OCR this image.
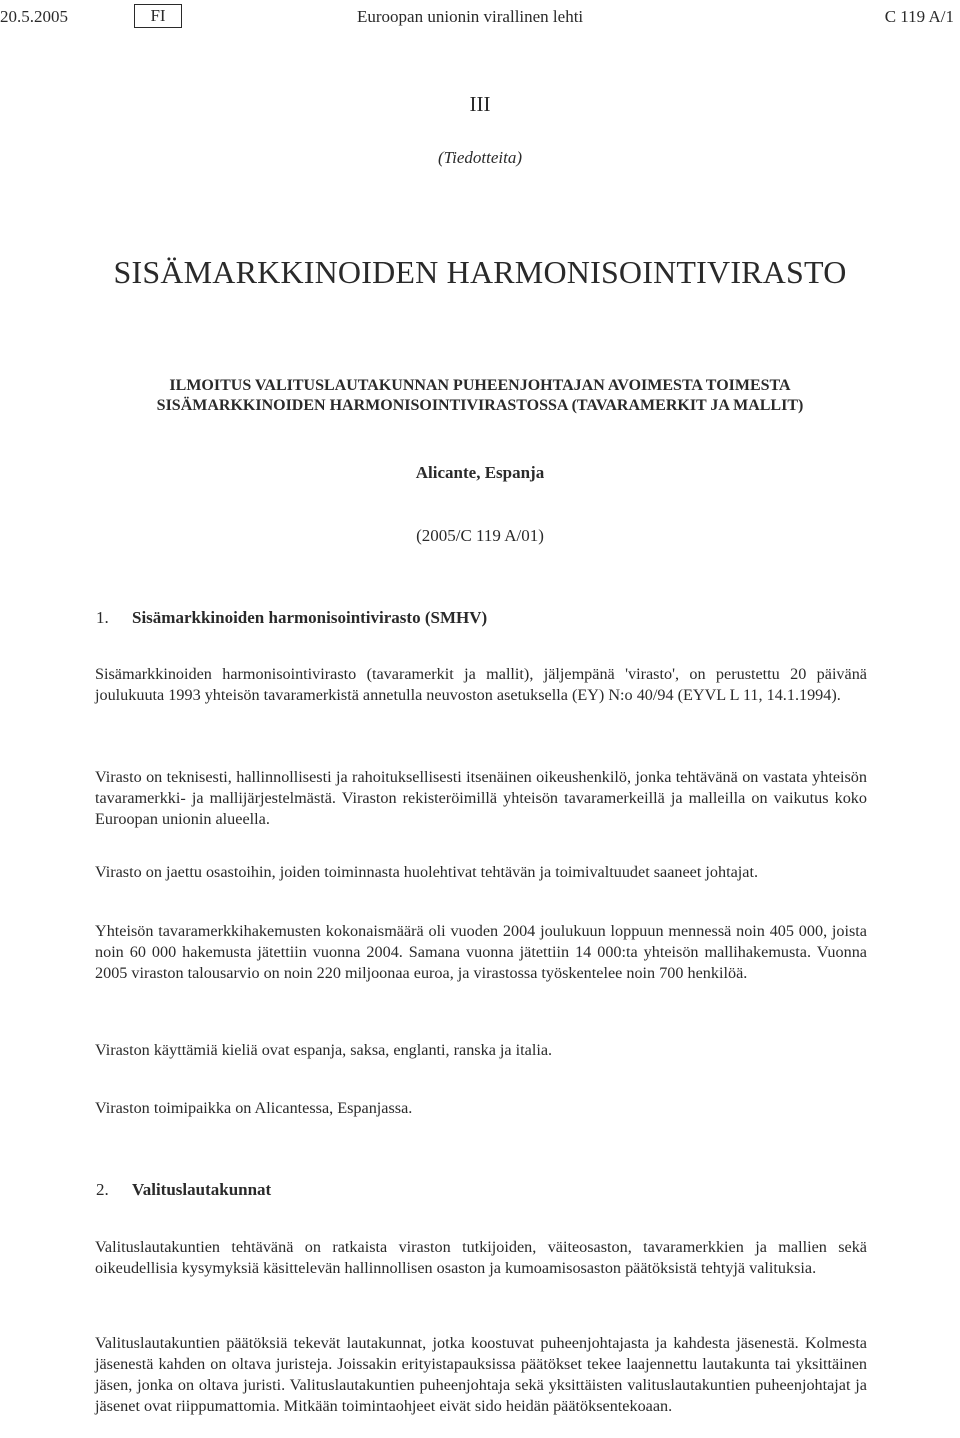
20.5.2005	FI	Euroopan unionin virallinen lehti	C 119 A/1
III
(Tiedotteita)
SISÄMARKKINOIDEN HARMONISOINTIVIRASTO
ILMOITUS VALITUSLAUTAKUNNAN PUHEENJOHTAJAN AVOIMESTA TOIMESTA
SISÄMARKKINOIDEN HARMONISOINTIVIRASTOSSA (TAVARAMERKIT JA MALLIT)
Alicante, Espanja
(2005/C 119 A/01)
1. Sisämarkkinoiden harmonisointivirasto (SMHV)

Sisämarkkinoiden harmonisointivirasto (tavaramerkit ja mallit), jäljempänä 'virasto', on perustettu 20 päivänä joulukuuta 1993 yhteisön tavaramerkistä annetulla neuvoston asetuksella (EY) N:o 40/94 (EYVL L 11, 14.1.1994).

Virasto on teknisesti, hallinnollisesti ja rahoituksellisesti itsenäinen oikeushenkilö, jonka tehtävänä on vastata yhteisön tavaramerkki- ja mallijärjestelmästä. Viraston rekisteröimillä yhteisön tavaramerkeillä ja malleilla on vaikutus koko Euroopan unionin alueella.

Virasto on jaettu osastoihin, joiden toiminnasta huolehtivat tehtävän ja toimivaltuudet saaneet johtajat.

Yhteisön tavaramerkkihakemusten kokonaismäärä oli vuoden 2004 joulukuun loppuun mennessä noin 405 000, joista noin 60 000 hakemusta jätettiin vuonna 2004. Samana vuonna jätettiin 14 000:ta yhteisön mallihakemusta. Vuonna 2005 viraston talousarvio on noin 220 miljoonaa euroa, ja virastossa työskentelee noin 700 henkilöä.

Viraston käyttämiä kieliä ovat espanja, saksa, englanti, ranska ja italia.

Viraston toimipaikka on Alicantessa, Espanjassa.

2. Valituslautakunnat

Valituslautakuntien tehtävänä on ratkaista viraston tutkijoiden, väiteosaston, tavaramerkkien ja mallien sekä oikeudellisia kysymyksiä käsittelevän hallinnollisen osaston ja kumoamisosaston päätöksistä tehtyjä valituksia.

Valituslautakuntien päätöksiä tekevät lautakunnat, jotka koostuvat puheenjohtajasta ja kahdesta jäsenestä. Kolmesta jäsenestä kahden on oltava juristeja. Joissakin erityistapauksissa päätökset tekee laajennettu lautakunta tai yksittäinen jäsen, jonka on oltava juristi. Valituslautakuntien puheenjohtaja sekä yksittäisten valituslautakuntien puheenjohtajat ja jäsenet ovat riippumattomia. Mitkään toimintaohjeet eivät sido heidän päätöksentekoaan.
